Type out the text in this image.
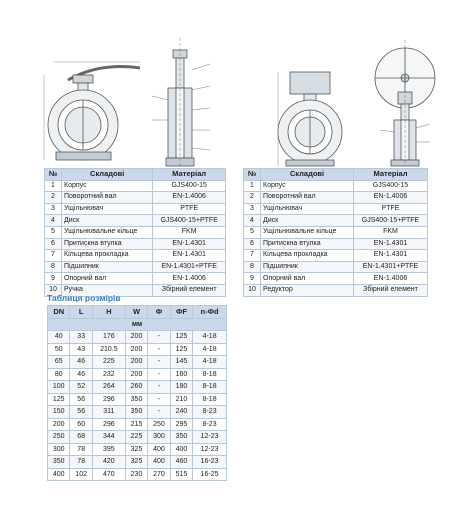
№	Складові	Матеріал
1	Корпус	GJS400-15
2	Поворотний вал	EN-1.4006
3	Ущільнювач	PTFE
4	Диск	GJS400-15+PTFE
5	Ущільнювальне кільце	FKM
6	Притискна втулка	EN-1.4301
7	Кільцева прокладка	EN-1.4301
8	Підшипник	EN-1.4301+PTFE
9	Опорний вал	EN-1.4006
10	Ручка	Збірний елемент
№	Складові	Матеріал
1	Корпус	GJS400-15
2	Поворотний вал	EN-1.4006
3	Ущільнювач	PTFE
4	Диск	GJS400-15+PTFE
5	Ущільнювальне кільце	FKM
6	Притискна втулка	EN-1.4301
7	Кільцева прокладка	EN-1.4301
8	Підшипник	EN-1.4301+PTFE
9	Опорний вал	EN-1.4006
10	Редуктор	Збірний елемент
Таблиця розмірів
DN	L	H	W	Ф	ФF	n-Фd
мм						
40	33	176	200	-	125	4-18
50	43	210.5	200	-	125	4-18
65	46	225	200	-	145	4-18
80	46	232	200	-	160	8-18
100	52	264	260	-	180	8-18
125	56	296	350	-	210	8-18
150	56	311	350	-	240	8-23
200	60	296	215	250	295	8-23
250	68	344	225	300	350	12-23
300	78	395	325	400	400	12-23
350	78	420	325	400	460	16-23
400	102	470	230	270	515	16-25
